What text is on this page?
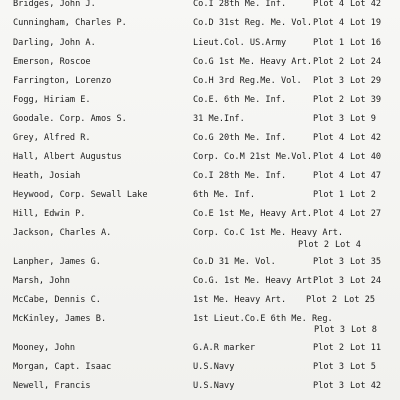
Bridges, John J.	Co.I 28th Me. Inf.	Plot 4 Lot 42
Cunningham, Charles P.	Co.D 31st Reg. Me. Vol. Plot 4 Lot 19
Darling, John A.	Lieut.Col. US.Army	Plot 1 Lot 16
Emerson, Roscoe	Co.G 1st Me. Heavy Art. Plot 2 Lot 24
Farrington, Lorenzo	Co.H 3rd Reg.Me. Vol. Plot 3 Lot 29
Fogg, Hiriam E.	Co.E. 6th Me. Inf.	Plot 2 Lot 39
Goodale. Corp. Amos S.	31 Me.Inf.	Plot 3 Lot 9
Grey, Alfred R.	Co.G 20th Me. Inf.	Plot 4 Lot 42
Hall, Albert Augustus	Corp. Co.M 21st Me.Vol. Plot 4 Lot 40
Heath, Josiah	Co.I 28th Me. Inf.	Plot 4 Lot 47
Heywood, Corp. Sewall Lake	6th Me. Inf.	Plot 1 Lot 2
Hill, Edwin P.	Co.E 1st Me, Heavy Art. Plot 4 Lot 27
Jackson, Charles A.	Corp. Co.C 1st Me. Heavy Art.
Plot 2 Lot 4
Lanpher, James G.	Co.D 31 Me. Vol.	Plot 3 Lot 35
Marsh, John	Co.G. 1st Me. Heavy Art.
Plot 3 Lot 24
McCabe, Dennis C.	1st Me. Heavy Art. Plot 2 Lot 25
McKinley, James B.	1st Lieut.Co.E 6th Me. Reg.
Plot 3 Lot 8
Mooney, John	G.A.R marker	Plot 2 Lot 11
Morgan, Capt. Isaac	U.S.Navy	Plot 3 Lot 5
Newell, Francis	U.S.Navy	Plot 3 Lot 42
